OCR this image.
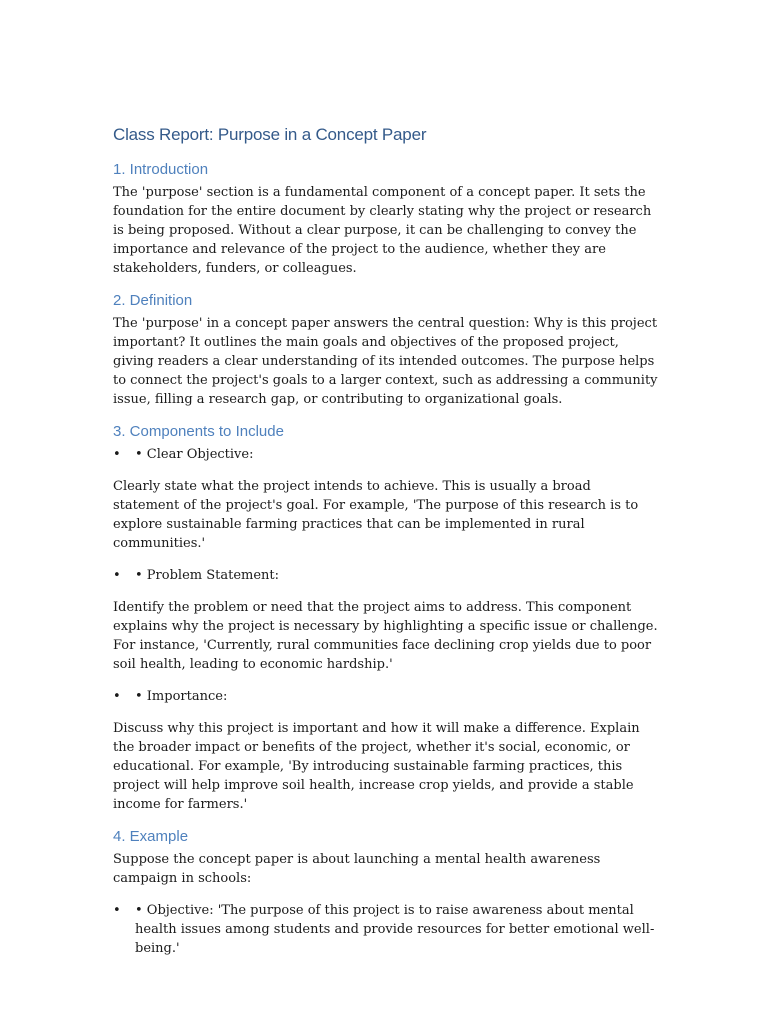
Class Report: Purpose in a Concept Paper
1. Introduction

The 'purpose' section is a fundamental component of a concept paper. It sets the foundation for the entire document by clearly stating why the project or research is being proposed. Without a clear purpose, it can be challenging to convey the importance and relevance of the project to the audience, whether they are stakeholders, funders, or colleagues.

2. Definition

The 'purpose' in a concept paper answers the central question: Why is this project important? It outlines the main goals and objectives of the proposed project, giving readers a clear understanding of its intended outcomes. The purpose helps to connect the project's goals to a larger context, such as addressing a community issue, filling a research gap, or contributing to organizational goals.

3. Components to Include
• • Clear Objective:

Clearly state what the project intends to achieve. This is usually a broad statement of the project's goal. For example, 'The purpose of this research is to explore sustainable farming practices that can be implemented in rural communities.'

• • Problem Statement:

Identify the problem or need that the project aims to address. This component explains why the project is necessary by highlighting a specific issue or challenge. For instance, 'Currently, rural communities face declining crop yields due to poor soil health, leading to economic hardship.'

• • Importance:

Discuss why this project is important and how it will make a difference. Explain the broader impact or benefits of the project, whether it's social, economic, or educational. For example, 'By introducing sustainable farming practices, this project will help improve soil health, increase crop yields, and provide a stable income for farmers.'

4. Example

Suppose the concept paper is about launching a mental health awareness campaign in schools:

• • Objective: 'The purpose of this project is to raise awareness about mental health issues among students and provide resources for better emotional well-being.'
